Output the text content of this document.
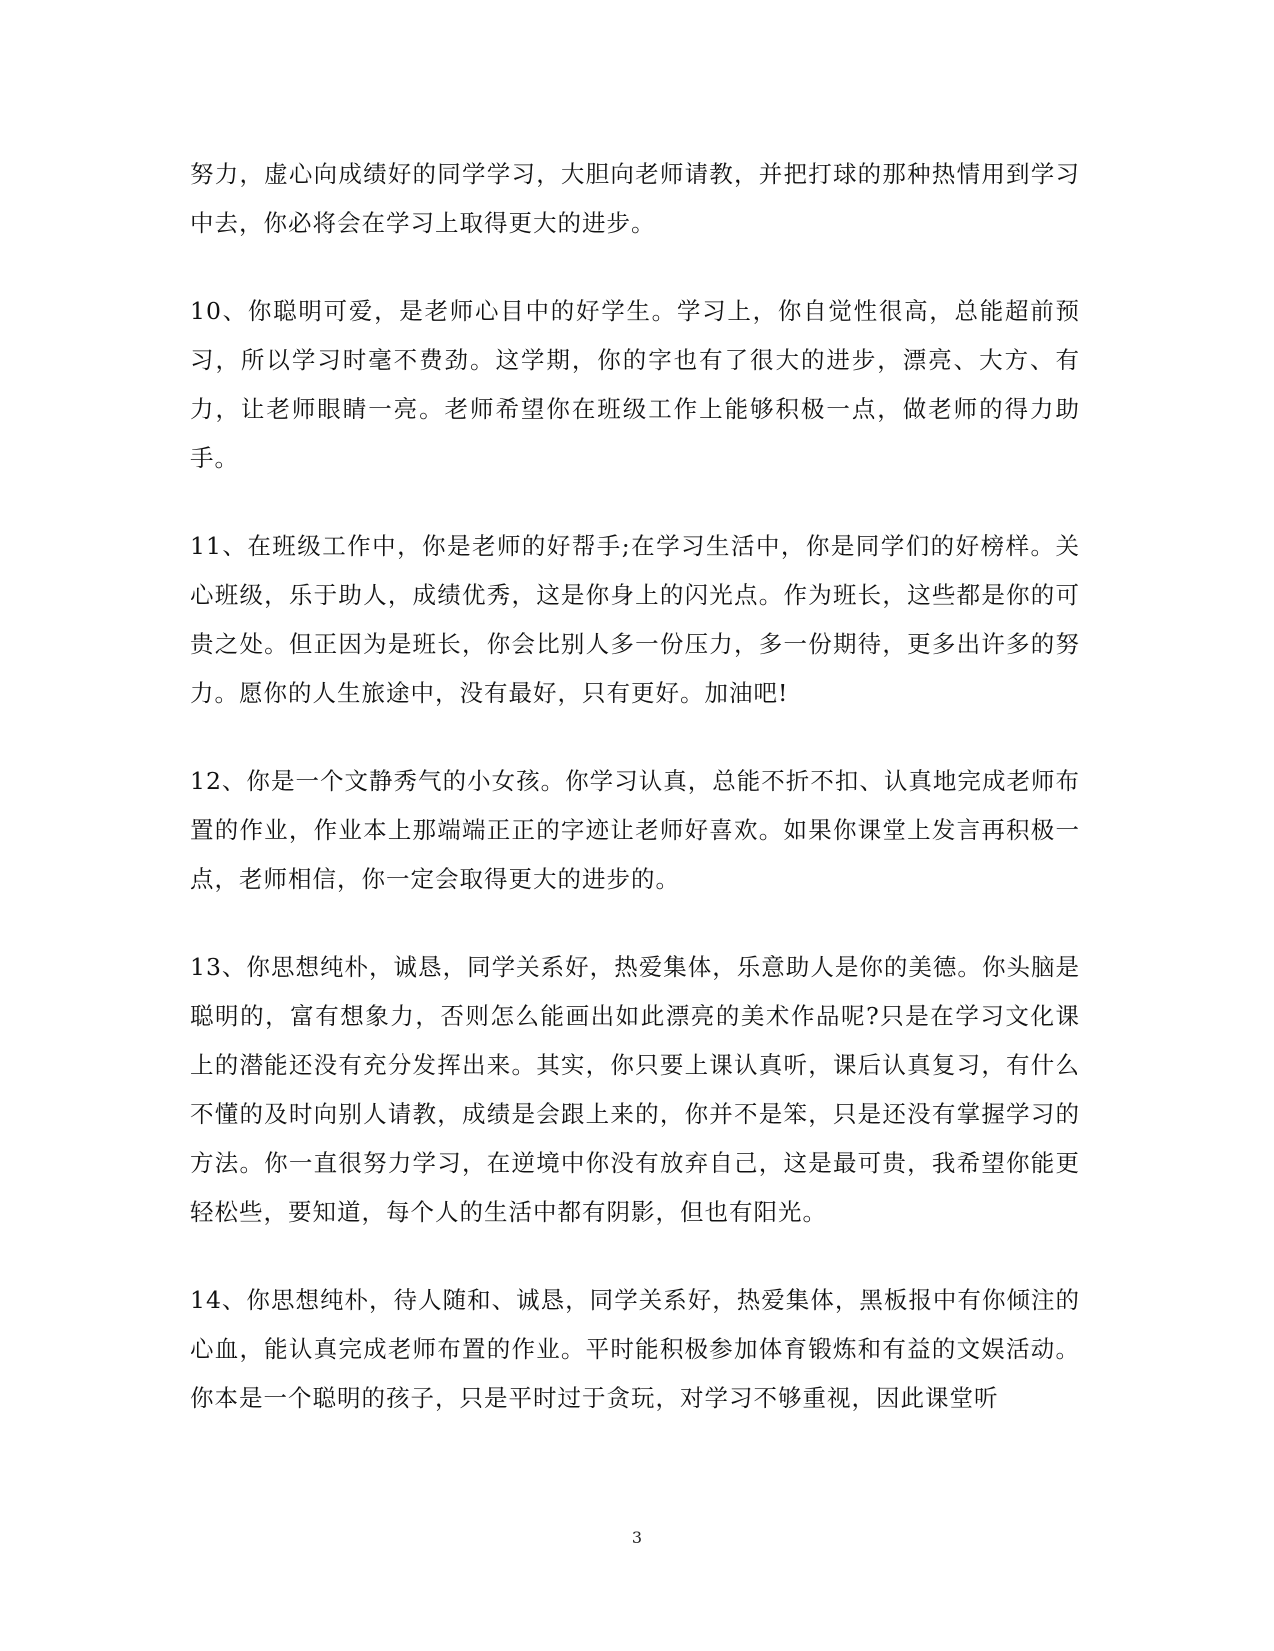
努力，虚心向成绩好的同学学习，大胆向老师请教，并把打球的那种热情用到学习中去，你必将会在学习上取得更大的进步。

10、你聪明可爱，是老师心目中的好学生。学习上，你自觉性很高，总能超前预习，所以学习时毫不费劲。这学期，你的字也有了很大的进步，漂亮、大方、有力，让老师眼睛一亮。老师希望你在班级工作上能够积极一点，做老师的得力助手。

11、在班级工作中，你是老师的好帮手;在学习生活中，你是同学们的好榜样。关心班级，乐于助人，成绩优秀，这是你身上的闪光点。作为班长，这些都是你的可贵之处。但正因为是班长，你会比别人多一份压力，多一份期待，更多出许多的努力。愿你的人生旅途中，没有最好，只有更好。加油吧!

12、你是一个文静秀气的小女孩。你学习认真，总能不折不扣、认真地完成老师布置的作业，作业本上那端端正正的字迹让老师好喜欢。如果你课堂上发言再积极一点，老师相信，你一定会取得更大的进步的。

13、你思想纯朴，诚恳，同学关系好，热爱集体，乐意助人是你的美德。你头脑是聪明的，富有想象力，否则怎么能画出如此漂亮的美术作品呢?只是在学习文化课上的潜能还没有充分发挥出来。其实，你只要上课认真听，课后认真复习，有什么不懂的及时向别人请教，成绩是会跟上来的，你并不是笨，只是还没有掌握学习的方法。你一直很努力学习，在逆境中你没有放弃自己，这是最可贵，我希望你能更轻松些，要知道，每个人的生活中都有阴影，但也有阳光。

14、你思想纯朴，待人随和、诚恳，同学关系好，热爱集体，黑板报中有你倾注的心血，能认真完成老师布置的作业。平时能积极参加体育锻炼和有益的文娱活动。你本是一个聪明的孩子，只是平时过于贪玩，对学习不够重视，因此课堂听

3
